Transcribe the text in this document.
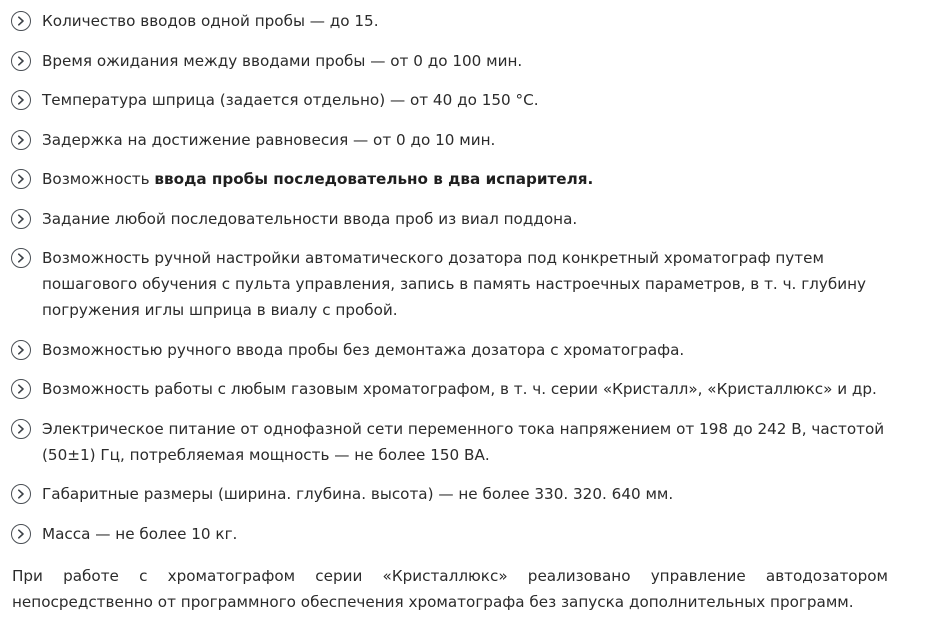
Количество вводов одной пробы — до 15.
Время ожидания между вводами пробы — от 0 до 100 мин.
Температура шприца (задается отдельно) — от 40 до 150 °С.
Задержка на достижение равновесия — от 0 до 10 мин.
Возможность ввода пробы последовательно в два испарителя.
Задание любой последовательности ввода проб из виал поддона.
Возможность ручной настройки автоматического дозатора под конкретный хроматограф путем пошагового обучения с пульта управления, запись в память настроечных параметров, в т. ч. глубину погружения иглы шприца в виалу с пробой.
Возможностью ручного ввода пробы без демонтажа дозатора с хроматографа.
Возможность работы с любым газовым хроматографом, в т. ч. серии «Кристалл», «Кристаллюкс» и др.
Электрическое питание от однофазной сети переменного тока напряжением от 198 до 242 В, частотой (50±1) Гц, потребляемая мощность — не более 150 ВА.
Габаритные размеры (ширина. глубина. высота) — не более 330. 320. 640 мм.
Масса — не более 10 кг.

При работе с хроматографом серии «Кристаллюкс» реализовано управление автодозатором непосредственно от программного обеспечения хроматографа без запуска дополнительных программ.
